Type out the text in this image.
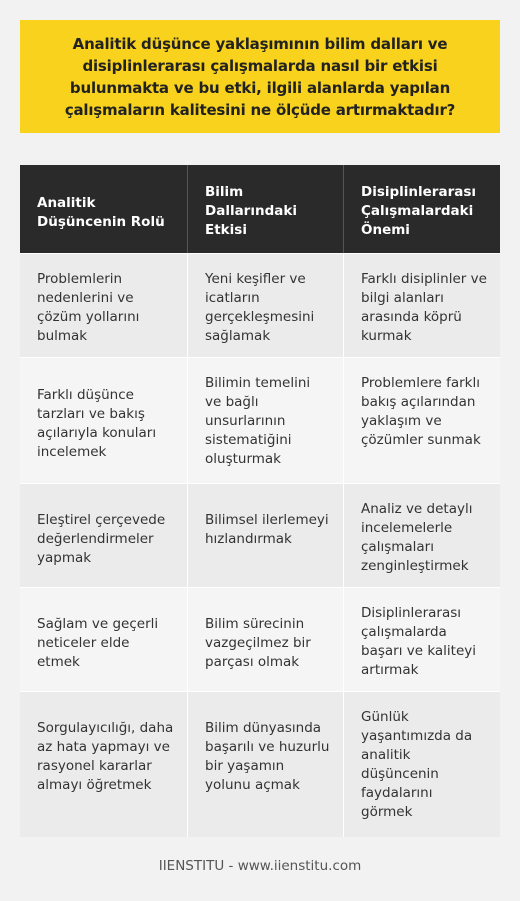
Analitik düşünce yaklaşımının bilim dalları ve disiplinlerarası çalışmalarda nasıl bir etkisi bulunmakta ve bu etki, ilgili alanlarda yapılan çalışmaların kalitesini ne ölçüde artırmaktadır?
Analitik Düşüncenin Rolü
Bilim Dallarındaki Etkisi
Disiplinlerarası Çalışmalardaki Önemi
Problemlerin nedenlerini ve çözüm yollarını bulmak
Yeni keşifler ve icatların gerçekleşmesini sağlamak
Farklı disiplinler ve bilgi alanları arasında köprü kurmak
Farklı düşünce tarzları ve bakış açılarıyla konuları incelemek
Bilimin temelini ve bağlı unsurlarının sistematiğini oluşturmak
Problemlere farklı bakış açılarından yaklaşım ve çözümler sunmak
Eleştirel çerçevede değerlendirmeler yapmak
Bilimsel ilerlemeyi hızlandırmak
Analiz ve detaylı incelemelerle çalışmaları zenginleştirmek
Sağlam ve geçerli neticeler elde etmek
Bilim sürecinin vazgeçilmez bir parçası olmak
Disiplinlerarası çalışmalarda başarı ve kaliteyi artırmak
Sorgulayıcılığı, daha az hata yapmayı ve rasyonel kararlar almayı öğretmek
Bilim dünyasında başarılı ve huzurlu bir yaşamın yolunu açmak
Günlük yaşantımızda da analitik düşüncenin faydalarını görmek
IIENSTITU - www.iienstitu.com
